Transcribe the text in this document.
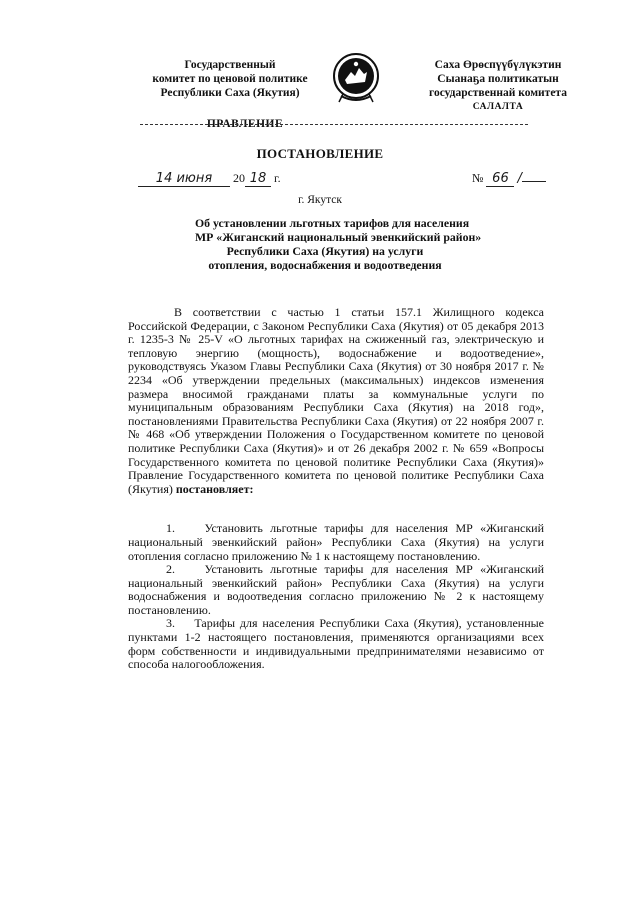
Государственный
комитет по ценовой политике
Республики Саха (Якутия)
Саха Өрөспүүбүлүкэтин
Сыанаҕа политикатын
государственнай комитета
САЛАЛТА
ПРАВЛЕНИЕ
ПОСТАНОВЛЕНИЕ
14 июня 20 18 г.	№ 66 /
г. Якутск
Об установлении льготных тарифов для населения
МР «Жиганский национальный эвенкийский район»
Республики Саха (Якутия) на услуги
отопления, водоснабжения и водоотведения

В соответствии с частью 1 статьи 157.1 Жилищного кодекса Российской Федерации, с Законом Республики Саха (Якутия) от 05 декабря 2013 г. 1235-3 № 25-V «О льготных тарифах на сжиженный газ, электрическую и тепловую энергию (мощность), водоснабжение и водоотведение», руководствуясь Указом Главы Республики Саха (Якутия) от 30 ноября 2017 г. № 2234 «Об утверждении предельных (максимальных) индексов изменения размера вносимой гражданами платы за коммунальные услуги по муниципальным образованиям Республики Саха (Якутия) на 2018 год», постановлениями Правительства Республики Саха (Якутия) от 22 ноября 2007 г. № 468 «Об утверждении Положения о Государственном комитете по ценовой политике Республики Саха (Якутия)» и от 26 декабря 2002 г. № 659 «Вопросы Государственного комитета по ценовой политике Республики Саха (Якутия)» Правление Государственного комитета по ценовой политике Республики Саха (Якутия) постановляет:

1.    Установить льготные тарифы для населения МР «Жиганский национальный эвенкийский район» Республики Саха (Якутия) на услуги отопления согласно приложению № 1 к настоящему постановлению.

2.    Установить льготные тарифы для населения МР «Жиганский национальный эвенкийский район» Республики Саха (Якутия) на услуги водоснабжения и водоотведения согласно приложению № 2 к настоящему постановлению.

3.    Тарифы для населения Республики Саха (Якутия), установленные пунктами 1-2 настоящего постановления, применяются организациями всех форм собственности и индивидуальными предпринимателями независимо от способа налогообложения.
